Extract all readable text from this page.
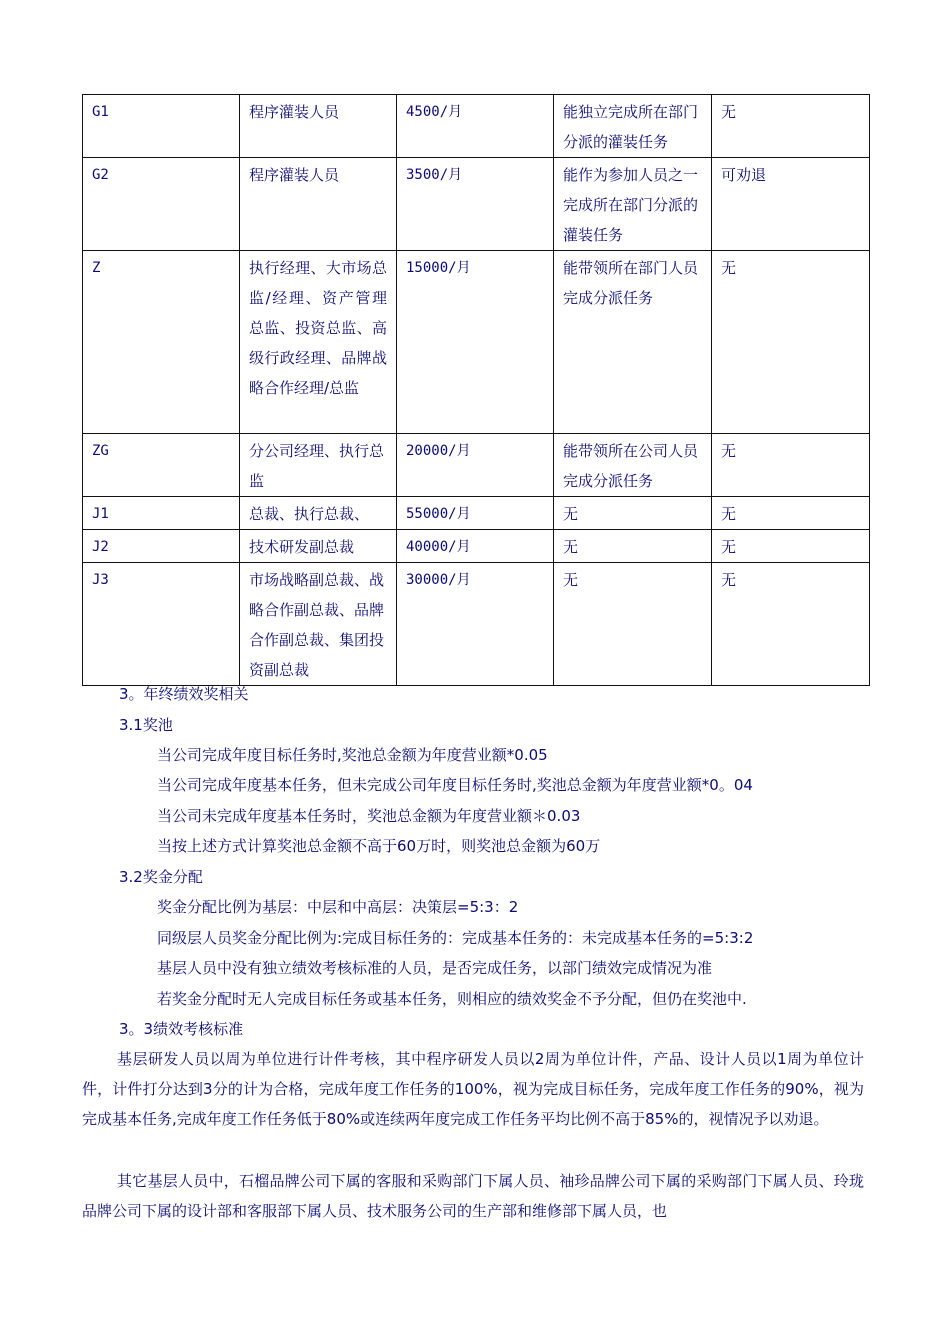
G1	程序灌装人员	4500/月	能独立完成所在部门分派的灌装任务	无
G2	程序灌装人员	3500/月	能作为参加人员之一完成所在部门分派的灌装任务	可劝退
Z	执行经理、大市场总监/经理、资产管理总监、投资总监、高级行政经理、品牌战略合作经理/总监	15000/月	能带领所在部门人员完成分派任务	无
ZG	分公司经理、执行总监	20000/月	能带领所在公司人员完成分派任务	无
J1	总裁、执行总裁、	55000/月	无	无
J2	技术研发副总裁	40000/月	无	无
J3	市场战略副总裁、战略合作副总裁、品牌合作副总裁、集团投资副总裁	30000/月	无	无
3。年终绩效奖相关
3.1奖池
当公司完成年度目标任务时,奖池总金额为年度营业额*0.05
当公司完成年度基本任务，但未完成公司年度目标任务时,奖池总金额为年度营业额*0。04
当公司未完成年度基本任务时，奖池总金额为年度营业额＊0.03
当按上述方式计算奖池总金额不高于60万时，则奖池总金额为60万
3.2奖金分配
奖金分配比例为基层：中层和中高层：决策层=5:3：2
同级层人员奖金分配比例为:完成目标任务的：完成基本任务的：未完成基本任务的=5:3:2
基层人员中没有独立绩效考核标准的人员，是否完成任务，以部门绩效完成情况为准
若奖金分配时无人完成目标任务或基本任务，则相应的绩效奖金不予分配，但仍在奖池中.
3。3绩效考核标准
基层研发人员以周为单位进行计件考核，其中程序研发人员以2周为单位计件，产品、设计人员以1周为单位计件，计件打分达到3分的计为合格，完成年度工作任务的100%，视为完成目标任务，完成年度工作任务的90%，视为完成基本任务,完成年度工作任务低于80%或连续两年度完成工作任务平均比例不高于85%的，视情况予以劝退。
其它基层人员中，石榴品牌公司下属的客服和采购部门下属人员、袖珍品牌公司下属的采购部门下属人员、玲珑品牌公司下属的设计部和客服部下属人员、技术服务公司的生产部和维修部下属人员，也
